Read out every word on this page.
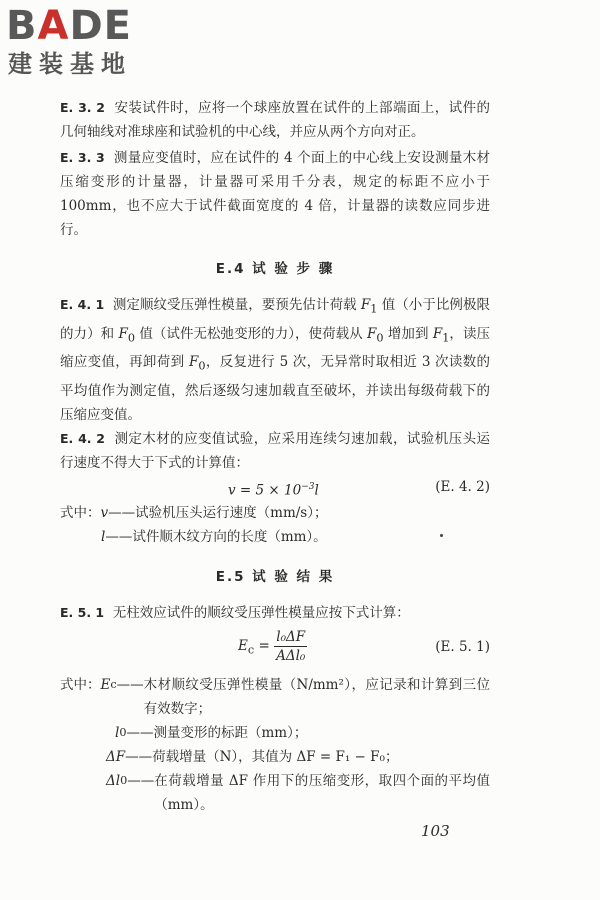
BADE
建装基地

E. 3. 2 安装试件时，应将一个球座放置在试件的上部端面上，试件的几何轴线对准球座和试验机的中心线，并应从两个方向对正。

E. 3. 3 测量应变值时，应在试件的 4 个面上的中心线上安设测量木材压缩变形的计量器，计量器可采用千分表，规定的标距不应小于 100mm，也不应大于试件截面宽度的 4 倍，计量器的读数应同步进行。

E.4 试 验 步 骤

E. 4. 1 测定顺纹受压弹性模量，要预先估计荷载 $F_1$ 值（小于比例极限的力）和 $F_0$ 值（试件无松弛变形的力），使荷载从 $F_0$ 增加到 $F_1$，读压缩应变值，再卸荷到 $F_0$，反复进行 5 次，无异常时取相近 3 次读数的平均值作为测定值，然后逐级匀速加载直至破坏，并读出每级荷载下的压缩应变值。

E. 4. 2 测定木材的应变值试验，应采用连续匀速加载，试验机压头运行速度不得大于下式的计算值：

$v = 5 \times 10^{-3}l$	(E. 4. 2)
式中： v —— 试验机压头运行速度（mm/s）；
l —— 试件顺木纹方向的长度（mm）。
E.5 试 验 结 果

E. 5. 1 无柱效应试件的顺纹受压弹性模量应按下式计算：

$E_c = \frac{\text{l₀ΔF}}{\text{AΔl₀}}$	(E. 5. 1)
式中： E c —— 木材顺纹受压弹性模量（N/mm²），应记录和计算到三位有效数字；
l 0 —— 测量变形的标距（mm）；
ΔF —— 荷载增量（N），其值为 ΔF = F₁ − F₀；
Δl 0 —— 在荷载增量 ΔF 作用下的压缩变形，取四个面的平均值（mm）。
103
